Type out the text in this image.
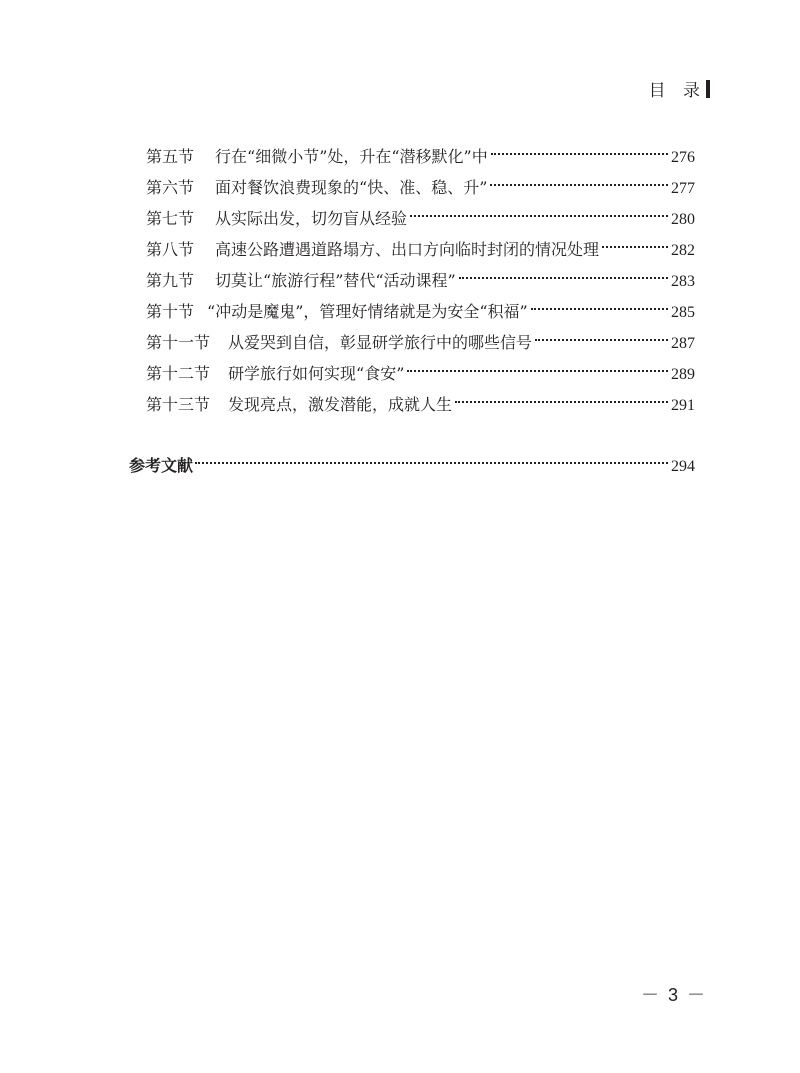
目 录
第五节 行在“细微小节”处，升在“潜移默化”中	276
第六节 面对餐饮浪费现象的“快、准、稳、升”	277
第七节 从实际出发，切勿盲从经验	280
第八节 高速公路遭遇道路塌方、出口方向临时封闭的情况处理	282
第九节 切莫让“旅游行程”替代“活动课程”	283
第十节 “冲动是魔鬼”，管理好情绪就是为安全“积福”	285
第十一节 从爱哭到自信，彰显研学旅行中的哪些信号	287
第十二节 研学旅行如何实现“食安”	289
第十三节 发现亮点，激发潜能，成就人生	291
参考文献	294
－ 3 －
